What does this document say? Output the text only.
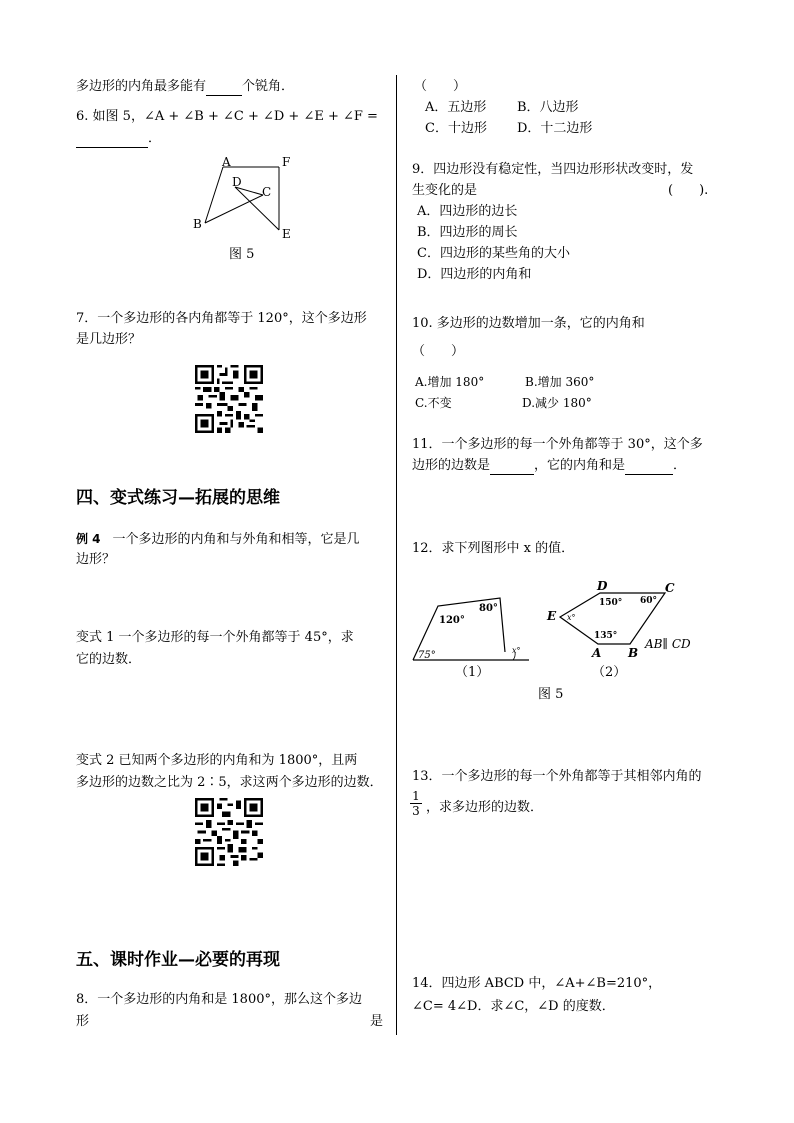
多边形的内角最多能有	个锐角．
6. 如图 5，∠A + ∠B + ∠C + ∠D + ∠E + ∠F =
．
A	F
D
C
B
E
图 5
7．一个多边形的各内角都等于 120°，这个多边形
是几边形？
四、变式练习—拓展的思维
例 4 一个多边形的内角和与外角和相等，它是几
边形？
变式 1 一个多边形的每一个外角都等于 45°，求
它的边数．
变式 2 已知两个多边形的内角和为 1800°，且两
多边形的边数之比为 2∶5，求这两个多边形的边数．
五、课时作业—必要的再现
8．一个多边形的内角和是 1800°，那么这个多边
形	是
（　　）
A．五边形 B．八边形
C．十边形 D．十二边形
9．四边形没有稳定性，当四边形形状改变时，发
生变化的是	(　　).
A．四边形的边长
B．四边形的周长
C．四边形的某些角的大小
D．四边形的内角和
10. 多边形的边数增加一条，它的内角和
（　　）
A.增加 180°	B.增加 360°
C.不变	D.减少 180°
11．一个多边形的每一个外角都等于 30°，这个多
边形的边数是	，它的内角和是	．
12．求下列图形中 x 的值．
120°
80°
75°	x°
（1）
D	C
E
A B
150° 60°
x°
135°
AB∥ CD
（2）
图 5
13．一个多边形的每一个外角都等于其相邻内角的
$\frac{1}{3}$ ，求多边形的边数．
14．四边形 ABCD 中，∠A+∠B=210°，
∠C= 4∠D．求∠C，∠D 的度数．
